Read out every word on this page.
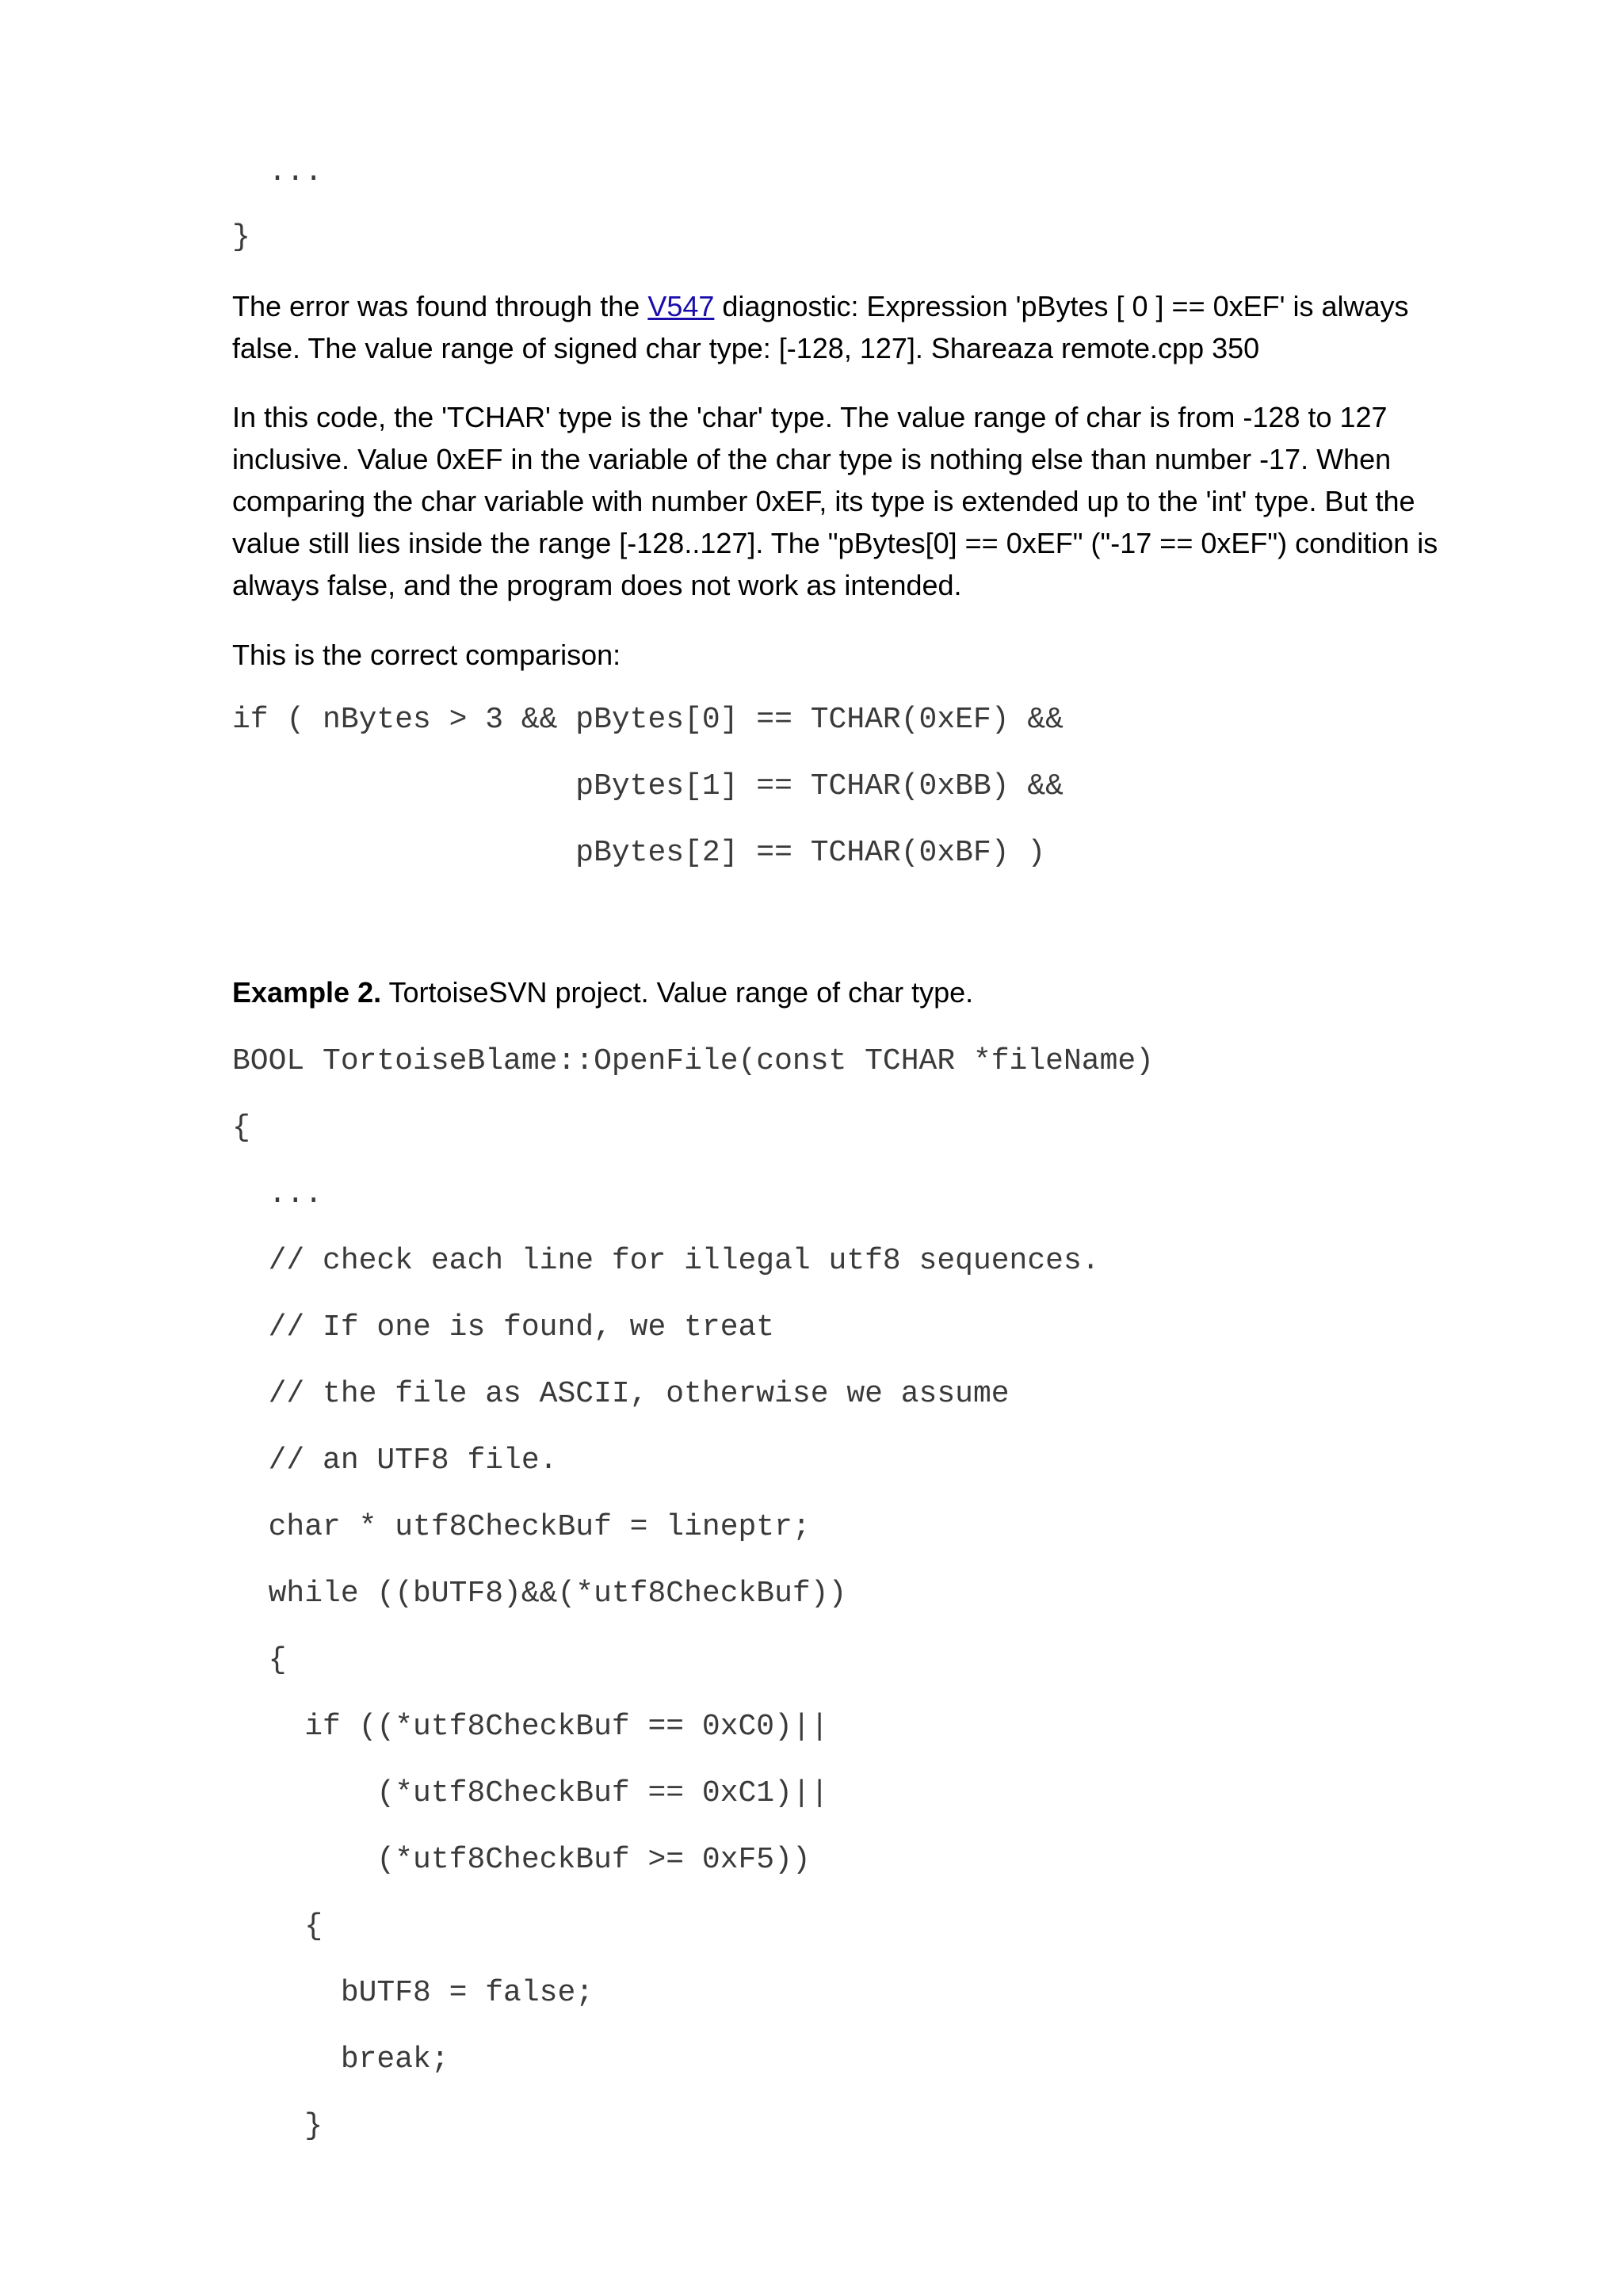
...
}

The error was found through the V547 diagnostic: Expression 'pBytes [ 0 ] == 0xEF' is always false. The value range of signed char type: [-128, 127]. Shareaza remote.cpp 350

In this code, the 'TCHAR' type is the 'char' type. The value range of char is from -128 to 127 inclusive. Value 0xEF in the variable of the char type is nothing else than number -17. When comparing the char variable with number 0xEF, its type is extended up to the 'int' type. But the value still lies inside the range [-128..127]. The "pBytes[0] == 0xEF" ("-17 == 0xEF") condition is always false, and the program does not work as intended.

This is the correct comparison:

if ( nBytes > 3 && pBytes[0] == TCHAR(0xEF) &&
pBytes[1] == TCHAR(0xBB) &&
pBytes[2] == TCHAR(0xBF) )

Example 2. TortoiseSVN project. Value range of char type.

BOOL TortoiseBlame::OpenFile(const TCHAR *fileName)
{
...
// check each line for illegal utf8 sequences.
// If one is found, we treat
// the file as ASCII, otherwise we assume
// an UTF8 file.
char * utf8CheckBuf = lineptr;
while ((bUTF8)&&(*utf8CheckBuf))
{
if ((*utf8CheckBuf == 0xC0)||
(*utf8CheckBuf == 0xC1)||
(*utf8CheckBuf >= 0xF5))
{
bUTF8 = false;
break;
}
